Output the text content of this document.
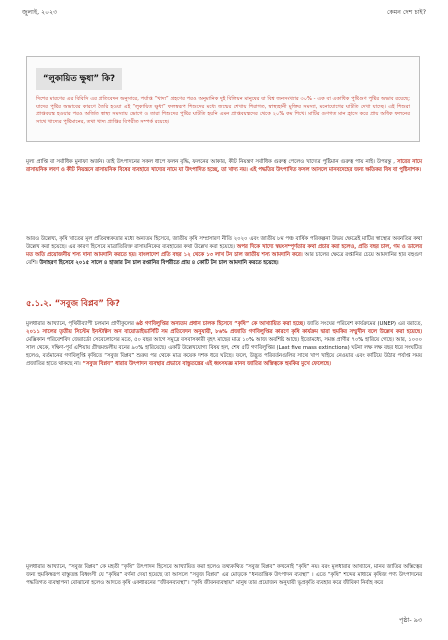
জুলাই, ২০২৩	কেমন দেশ চাই?
“লুকায়িত ক্ষুধা” কি?
দিশের মারণের এর বিবিসি এর প্রতিবেদন অনুসারে, পর্যাপ্ত “খাদ্য” গ্রহণের পরও অনুমানিক দুই বিলিয়ন মানুষের যা বিশ্ব জনসংখ্যার ৩০% - এক বা একাধিক পুষ্টিগুণ পুষ্টির অভাব রয়েছে; যাদের পুষ্টির অভাবের কারণে তৈরি হওয়া এই “লুকায়িত ক্ষুধা” ফলস্বরূপ শিশুদের মধ্যে জন্মের শেখায় শিরাগত, স্বাস্থ্যহানী মুক্তির সমস্যা, মনোযোগের ঘাটতি দেখা যাচ্ছে। এই শিশুরা প্রাপ্তবয়স্ক হওয়ার পরও অর্জিত স্বাস্থ্য সমস্যায় ভোগে ও তারা শিশুদের পুষ্টির ঘাটতি হয়নি এমন প্রাপ্তবয়স্কদের থেকে ২০% কম শিখে। মাটির গুণগত মান হ্রাসে করে প্রায় অধিক ফলনের সাথে খাদ্যের পুষ্টিমানের, তথা খাদ্য প্রাপ্তির বিপরীত সম্পর্ক রয়েছে।
মূল্য প্রাপ্তি বা সর্বাধিক মুনাফা অর্জন। তাই উৎপাদনের সকল ধাপে ফলন বৃদ্ধি, ফলনের আকার, কীট নিয়ন্ত্রণ সর্বাধিক গুরুত্ব পেলেও খাদ্যের পুষ্টিমান গুরুত্ব পায় নাই। উপরন্তু , সারের নামে রাসায়নিক লবণ ও কীট নিয়ন্ত্রনে রাসায়নিক বিষের ব্যবহারে খাদ্যের নামে যা উৎপাদিত হচ্ছে, তা খাদ্য নয়। এই পদ্ধতির উৎপাদিত ফসল আসলে মানবদেহের জন্য ক্ষতিকর বিষ বা পুষ্টিনাশক।
আরও উল্লেখ্য, কৃষি খাতের মূল প্রতিবন্ধকতার মধ্যে অন্যতম হিসেবে, জাতীয় কৃষি সম্প্রসারণ নীতি ২০২০ এবং জাতীয় ৮ম পঞ্চ বার্ষিক পরিকল্পনা উভয় ক্ষেত্রেই মাটির স্বাস্থ্যের অবনতির কথা উল্লেখ করা হয়েছে। এর কারণ হিসেবে মাত্রাতিরিক্ত রাসায়নিকের ব্যবহারের কথা উল্লেখ করা হয়েছে। অপর দিকে খাদ্যে স্বয়ংসম্পূর্ণতার কথা প্রচার করা হলেও, প্রতি বছর চাল, গম ও ডালের মত অতি প্রয়োজনীয় শস্য দানা আমদানি করতে হয়। বাংলাদেশ প্রতি বছর ১২ থেকে ১৩ লাখ টন চাল জাতীয় শস্য আমদানি করে। আর চালের ক্ষেত্রে রপ্তানির চেয়ে আমদানির হার বহুগুণ বেশি। উদাহরণ হিসেবে ২০১৫ সালে ৪ হাজার টন চাল রপ্তানির বিপরীতে প্রায় ৪ কোটি টন চাল আমদানি করতে হয়েছে।
৫.১.২. “সবুজ বিপ্লব” কি?
মুলধারার আখ্যানে, পৃথিবীব্যাপী চলমান প্রাণীকুলের ৬ষ্ঠ গণবিলুপ্তির অন্যতম প্রধান চালক হিসেবে “কৃষি” কে আখ্যায়িত করা হচ্ছে। জাতি সংঘের পরিবেশ কার্যক্রমের (UNEP) এর বরাতে, ২০১১ সালের তৃতীয় সিস্টেম ইনস্টাক্টস অন বায়োডাইভার্সিটি সম প্রতিবেদন অনুযায়ী, ৮৬% প্রজাতি গণবিলুপ্তির কারণে কৃষি কার্যক্রম দ্বারা হুমকির সম্মুখীন বলে উল্লেখ করা হয়েছে। মেক্সিকান পরিবেশবিদ জেরার্ডো সেবেলোসের মতে, ৫০ বছর আগে সমুদ্রে বসবাসকারী বৃহৎ মাছের মাত্র ১০% আজ অবশিষ্ট আছে। ইতোমধ্যে, সমস্ত প্রাণীর ৭০% হারিয়ে গেছে। আর, ১০০০ সাল থেকে, দক্ষিণ-পূর্ব এশিয়ায় গ্রীষ্মমন্ডলীয় বনের ৯০% হারিয়েছে। একটি উল্লেখযোগ্য বিষয় হল, শেষ ৫টি গণবিলুপ্তির (Last five mass extinctions) ঘটনা লক্ষ লক্ষ বছর ধরে সংঘটিত হলেও, বর্তমানের গণবিলুপ্তি কৃষিতে “সবুজ বিপ্লব” শুরুর পর থেকে মাত্র কয়েক দশক ধরে ঘটছে। ফলে, উদ্ভূত পরিবর্তনগুলির সাথে খাপ খাইয়ে নেওয়ার এবং কাটিয়ে উঠার পর্যাপ্ত সময় প্রজাতির হাতে থাকছে না। “সবুজ বিপ্লব” ধারার উৎপাদন ব্যবস্থার প্রভাবে বাস্তুতন্ত্রের এই ধ্বংসযজ্ঞ মানব জাতির অস্তিত্বকে হুমকির মুখে ফেলেছে।
মূলধারার আখ্যানে, “সবুজ বিপ্লব” কে মহতী “কৃষি” উৎপাদন হিসেবে আখ্যায়িত করা হলেও তথ্যকথিত “সবুজ বিপ্লব” কখনোই “কৃষি” নয়। বরং মূলধারার আখ্যানে, মানব জাতির অস্তিত্বের জন্য হুমকিস্বরূপ বাস্তুতন্ত্র বিধ্বংসী যে “কৃষির” বর্ণনা দেয়া হয়েছে তা আসলে “সবুজ বিপ্লব” এর মোড়কে “ধনতান্ত্রিক উৎপাদন ব্যবস্থা” । এতে “কৃষি” শব্দের মাধ্যমে কৃষিজ পণ্য উৎপাদনের পদ্ধতিগত ব্যবস্থাপনা বোঝানো হলেও আদতে কৃষি একধারনের “জীবনব্যবস্থা”। “কৃষি জীবনব্যবস্থায়” মানুষ তার প্রয়োজন অনুযায়ী ভূপ্রকৃতি ব্যবহার করে জীবিকা নির্বাহ করে
পৃষ্ঠা- ৯৩
